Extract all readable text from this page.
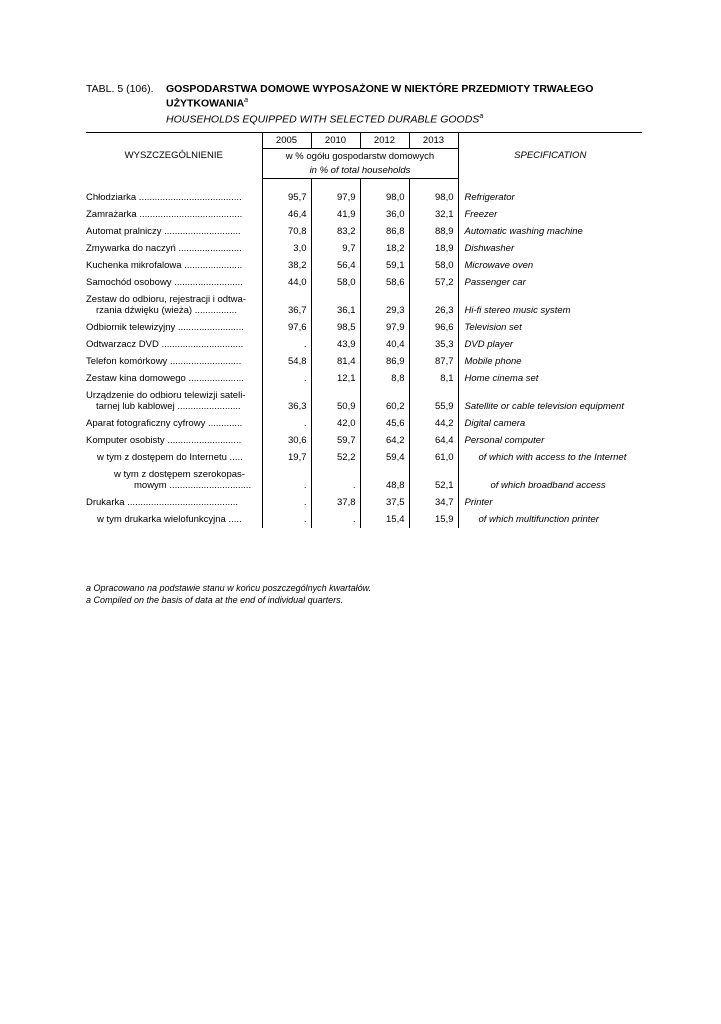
TABL. 5 (106). GOSPODARSTWA DOMOWE WYPOSAŻONE W NIEKTÓRE PRZEDMIOTY TRWAŁEGO UŻYTKOWANIA$^a$
HOUSEHOLDS EQUIPPED WITH SELECTED DURABLE GOODS$^a$
WYSZCZEGÓLNIENIE	2005	2010	2012	2013	SPECIFICATION
	w % ogółu gospodarstw domowych				
	in % of total households				

Chłodziarka .......................................	95,7	97,9	98,0	98,0	Refrigerator

Zamrażarka .......................................	46,4	41,9	36,0	32,1	Freezer

Automat pralniczy .............................	70,8	83,2	86,8	88,9	Automatic washing machine

Zmywarka do naczyń ........................	3,0	9,7	18,2	18,9	Dishwasher

Kuchenka mikrofalowa ......................	38,2	56,4	59,1	58,0	Microwave oven

Samochód osobowy ..........................	44,0	58,0	58,6	57,2	Passenger car

Zestaw do odbioru, rejestracji i odtwa-
rzania dźwięku (wieża) ................	36,7	36,1	29,3	26,3	Hi-fi stereo music system

Odbiornik telewizyjny .........................	97,6	98,5	97,9	96,6	Television set

Odtwarzacz DVD ...............................	.	43,9	40,4	35,3	DVD player

Telefon komórkowy ...........................	54,8	81,4	86,9	87,7	Mobile phone

Zestaw kina domowego .....................	.	12,1	8,8	8,1	Home cinema set

Urządzenie do odbioru telewizji sateli-
tarnej lub kablowej ........................	36,3	50,9	60,2	55,9	Satellite or cable television equipment

Aparat fotograficzny cyfrowy .............	.	42,0	45,6	44,2	Digital camera

Komputer osobisty ............................	30,6	59,7	64,2	64,4	Personal computer

w tym z dostępem do Internetu .....	19,7	52,2	59,4	61,0	of which with access to the Internet

w tym z dostępem szerokopas-
mowym ...............................	.	.	48,8	52,1	of which broadband access

Drukarka ..........................................	.	37,8	37,5	34,7	Printer

w tym drukarka wielofunkcyjna .....	.	.	15,4	15,9	of which multifunction printer
a Opracowano na podstawie stanu w końcu poszczególnych kwartałów.
a Compiled on the basis of data at the end of individual quarters.
